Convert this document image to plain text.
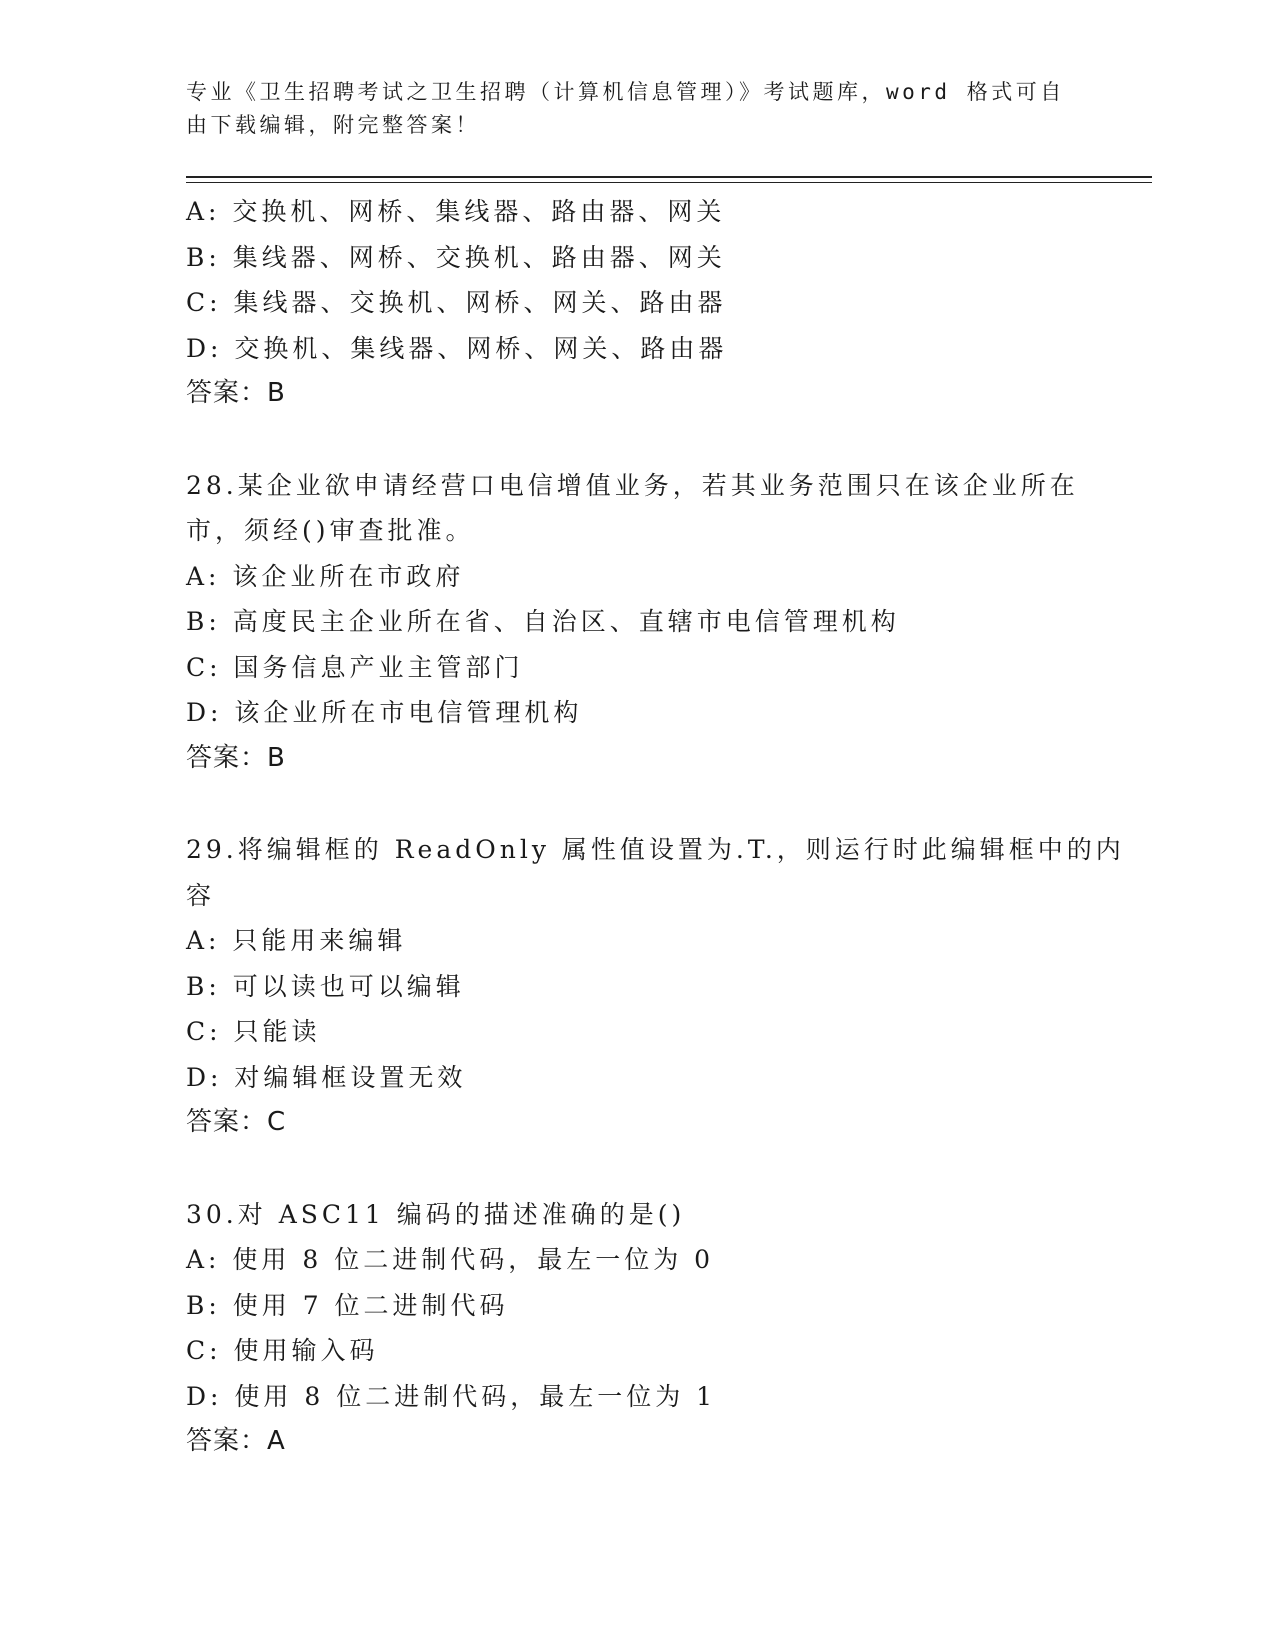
专业《卫生招聘考试之卫生招聘（计算机信息管理）》考试题库，word 格式可自
由下载编辑，附完整答案！
A: 交换机、网桥、集线器、路由器、网关
B: 集线器、网桥、交换机、路由器、网关
C: 集线器、交换机、网桥、网关、路由器
D: 交换机、集线器、网桥、网关、路由器
答案：B
28.某企业欲申请经营口电信增值业务，若其业务范围只在该企业所在
市，须经()审查批准。
A: 该企业所在市政府
B: 高度民主企业所在省、自治区、直辖市电信管理机构
C: 国务信息产业主管部门
D: 该企业所在市电信管理机构
答案：B
29.将编辑框的 ReadOnly 属性值设置为.T.，则运行时此编辑框中的内
容
A: 只能用来编辑
B: 可以读也可以编辑
C: 只能读
D: 对编辑框设置无效
答案：C
30.对 ASC11 编码的描述准确的是()
A: 使用 8 位二进制代码，最左一位为 0
B: 使用 7 位二进制代码
C: 使用输入码
D: 使用 8 位二进制代码，最左一位为 1
答案：A
